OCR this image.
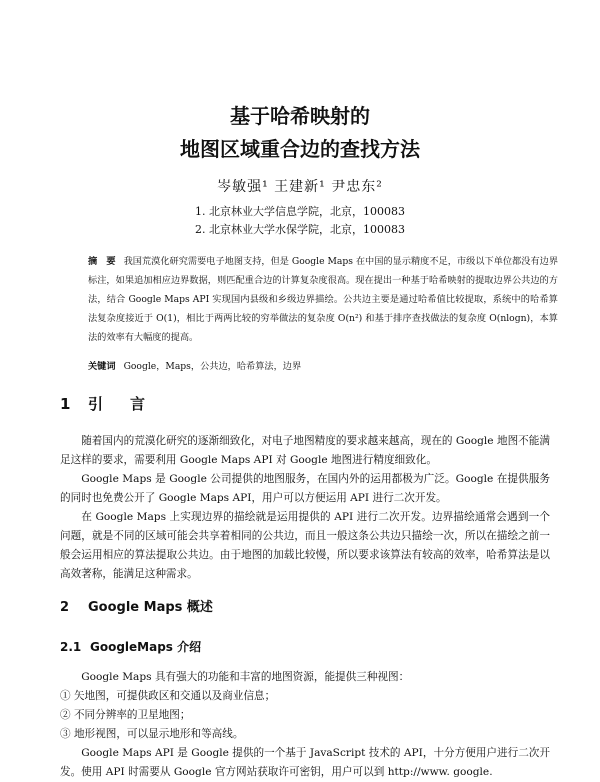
基于哈希映射的
地图区域重合边的查找方法
岑敏强¹ 王建新¹ 尹忠东²
1. 北京林业大学信息学院，北京，100083
2. 北京林业大学水保学院，北京，100083
摘　要 我国荒漠化研究需要电子地图支持，但是 Google Maps 在中国的显示精度不足，市级以下单位都没有边界标注，如果追加相应边界数据，则匹配重合边的计算复杂度很高。现在提出一种基于哈希映射的提取边界公共边的方法，结合 Google Maps API 实现国内县级和乡级边界描绘。公共边主要是通过哈希值比较提取，系统中的哈希算法复杂度接近于 O(1)，相比于两两比较的穷举做法的复杂度 O(n²) 和基于排序查找做法的复杂度 O(nlogn)，本算法的效率有大幅度的提高。
关键词 Google，Maps，公共边，哈希算法，边界
1 引　言
随着国内的荒漠化研究的逐渐细致化，对电子地图精度的要求越来越高，现在的 Google 地图不能满足这样的要求，需要利用 Google Maps API 对 Google 地图进行精度细致化。
Google Maps 是 Google 公司提供的地图服务，在国内外的运用都极为广泛。Google 在提供服务的同时也免费公开了 Google Maps API，用户可以方便运用 API 进行二次开发。
在 Google Maps 上实现边界的描绘就是运用提供的 API 进行二次开发。边界描绘通常会遇到一个问题，就是不同的区域可能会共享着相同的公共边，而且一般这条公共边只描绘一次，所以在描绘之前一般会运用相应的算法提取公共边。由于地图的加载比较慢，所以要求该算法有较高的效率，哈希算法是以高效著称，能满足这种需求。
2 Google Maps 概述
2.1 GoogleMaps 介绍
Google Maps 具有强大的功能和丰富的地图资源，能提供三种视图：
① 矢地图，可提供政区和交通以及商业信息；
② 不同分辨率的卫星地图；
③ 地形视图，可以显示地形和等高线。
Google Maps API 是 Google 提供的一个基于 JavaScript 技术的 API，十分方便用户进行二次开发。使用 API 时需要从 Google 官方网站获取许可密钥，用户可以到 http://www. google.
